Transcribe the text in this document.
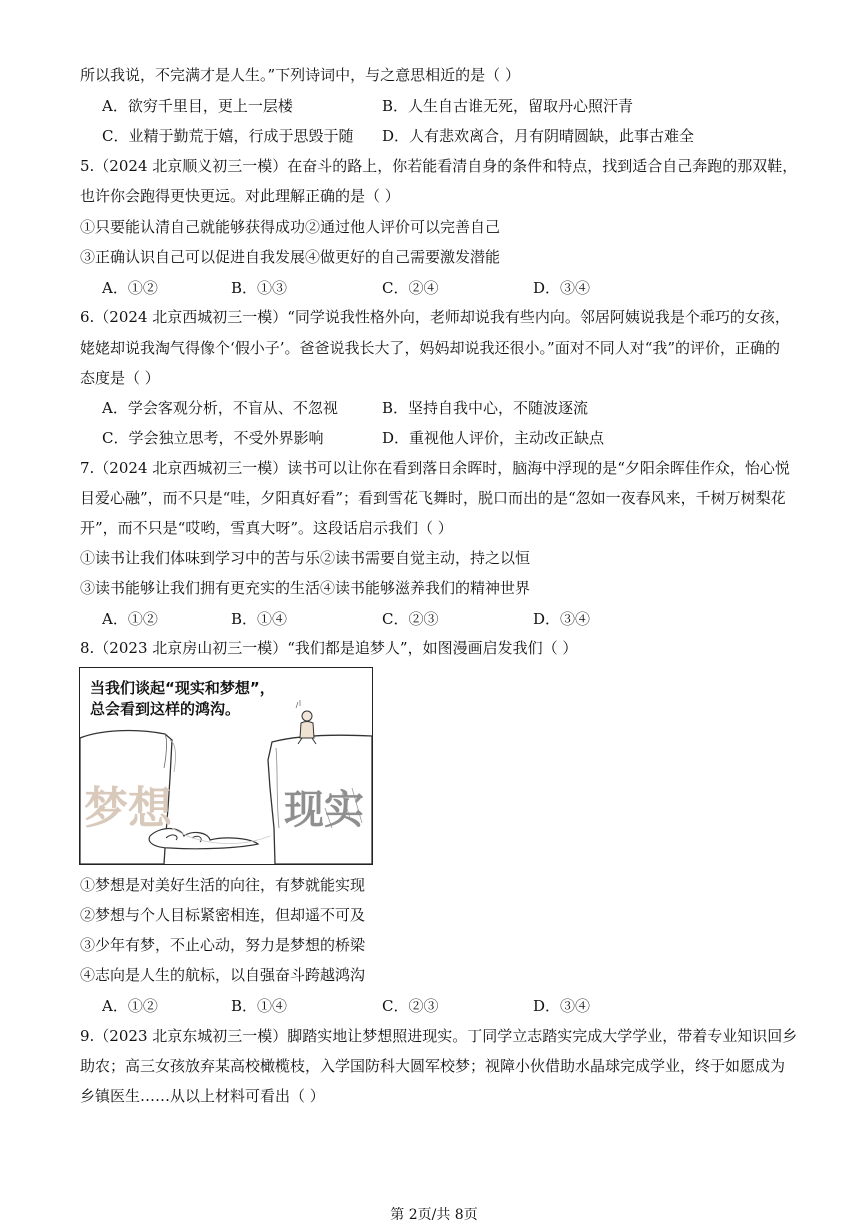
所以我说，不完满才是人生。”下列诗词中，与之意思相近的是（ ）
A．欲穷千里目，更上一层楼	B．人生自古谁无死，留取丹心照汗青
C．业精于勤荒于嬉，行成于思毁于随 D．人有悲欢离合，月有阴晴圆缺，此事古难全
5.（2024 北京顺义初三一模）在奋斗的路上，你若能看清自身的条件和特点，找到适合自己奔跑的那双鞋，
也许你会跑得更快更远。对此理解正确的是（ ）
①只要能认清自己就能够获得成功②通过他人评价可以完善自己
③正确认识自己可以促进自我发展④做更好的自己需要激发潜能
A．①②	B．①③	C．②④	D．③④
6.（2024 北京西城初三一模）“同学说我性格外向，老师却说我有些内向。邻居阿姨说我是个乖巧的女孩，
姥姥却说我淘气得像个‘假小子’。爸爸说我长大了，妈妈却说我还很小。”面对不同人对“我”的评价，正确的
态度是（ ）
A．学会客观分析，不盲从、不忽视	B．坚持自我中心，不随波逐流
C．学会独立思考，不受外界影响	D．重视他人评价，主动改正缺点
7.（2024 北京西城初三一模）读书可以让你在看到落日余晖时，脑海中浮现的是“夕阳余晖佳作众，怡心悦
目爱心融”，而不只是“哇，夕阳真好看”；看到雪花飞舞时，脱口而出的是“忽如一夜春风来，千树万树梨花
开”，而不只是“哎哟，雪真大呀”。这段话启示我们（ ）
①读书让我们体味到学习中的苦与乐②读书需要自觉主动，持之以恒
③读书能够让我们拥有更充实的生活④读书能够滋养我们的精神世界
A．①②	B．①④	C．②③	D．③④
8.（2023 北京房山初三一模）“我们都是追梦人”，如图漫画启发我们（ ）
当我们谈起“现实和梦想”，
总会看到这样的鸿沟。
梦想	现实
①梦想是对美好生活的向往，有梦就能实现
②梦想与个人目标紧密相连，但却遥不可及
③少年有梦，不止心动，努力是梦想的桥梁
④志向是人生的航标，以自强奋斗跨越鸿沟
A．①②	B．①④	C．②③	D．③④
9.（2023 北京东城初三一模）脚踏实地让梦想照进现实。丁同学立志踏实完成大学学业，带着专业知识回乡
助农；高三女孩放弃某高校橄榄枝，入学国防科大圆军校梦；视障小伙借助水晶球完成学业，终于如愿成为
乡镇医生……从以上材料可看出（ ）
第 2页/共 8页
